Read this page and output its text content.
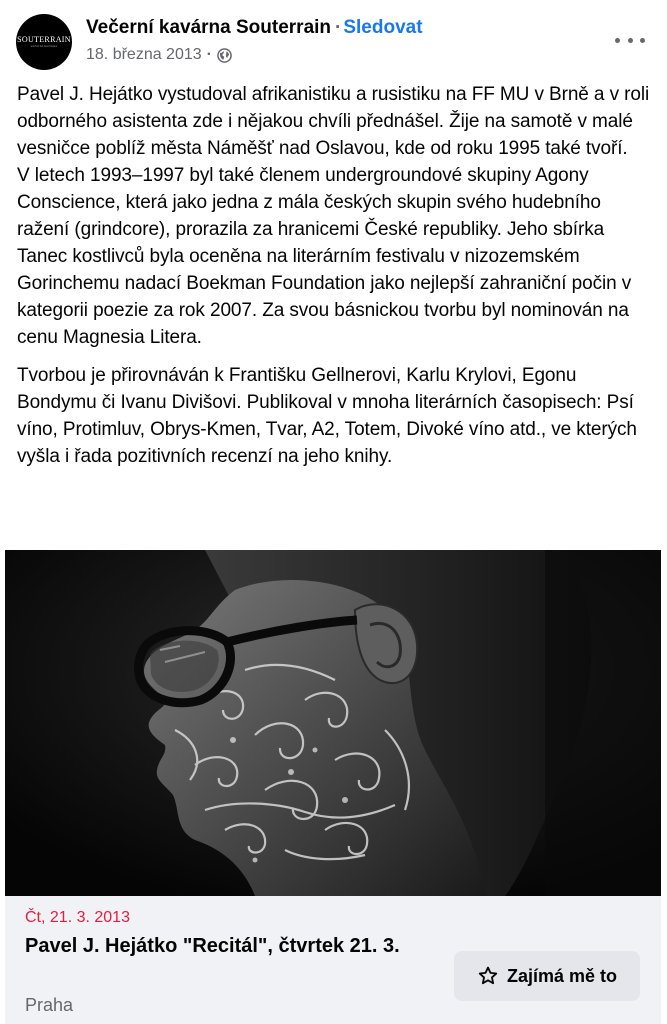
SOUTERRAIN
večerní kavárna
Večerní kavárna Souterrain · Sledovat
18. března 2013 ·

Pavel J. Hejátko vystudoval afrikanistiku a rusistiku na FF MU v Brně a v roli odborného asistenta zde i nějakou chvíli přednášel. Žije na samotě v malé vesničce poblíž města Náměšť nad Oslavou, kde od roku 1995 také tvoří.
V letech 1993–1997 byl také členem undergroundové skupiny Agony Conscience, která jako jedna z mála českých skupin svého hudebního ražení (grindcore), prorazila za hranicemi České republiky. Jeho sbírka Tanec kostlivců byla oceněna na literárním festivalu v nizozemském Gorinchemu nadací Boekman Foundation jako nejlepší zahraniční počin v kategorii poezie za rok 2007. Za svou básnickou tvorbu byl nominován na cenu Magnesia Litera.

Tvorbou je přirovnáván k Františku Gellnerovi, Karlu Krylovi, Egonu Bondymu či Ivanu Divišovi. Publikoval v mnoha literárních časopisech: Psí víno, Protimluv, Obrys-Kmen, Tvar, A2, Totem, Divoké víno atd., ve kterých vyšla i řada pozitivních recenzí na jeho knihy.

Čt, 21. 3. 2013
Pavel J. Hejátko "Recitál", čtvrtek 21. 3.
Praha
Zajímá mě to
